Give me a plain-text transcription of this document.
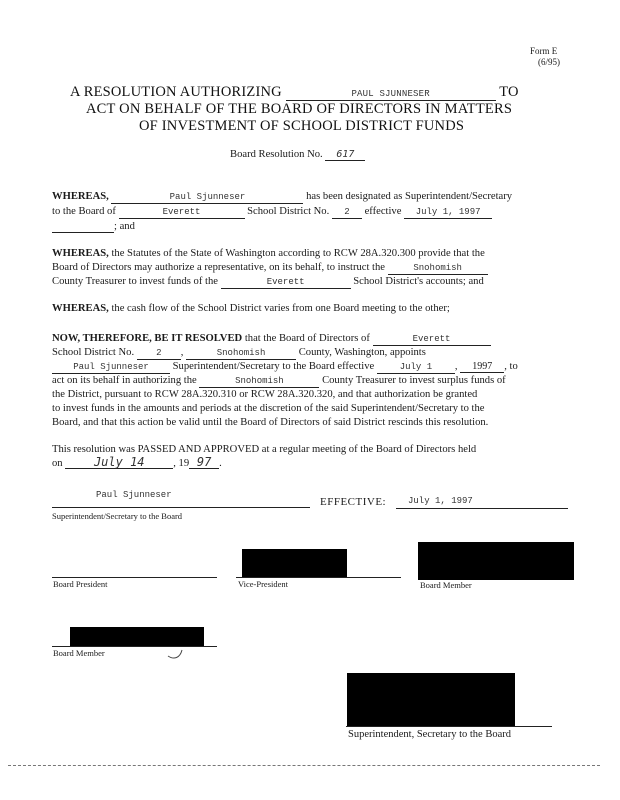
Form E
(6/95)
A RESOLUTION AUTHORIZING	PAUL SJUNNESER	TO
ACT ON BEHALF OF THE BOARD OF DIRECTORS IN MATTERS
OF INVESTMENT OF SCHOOL DISTRICT FUNDS
Board Resolution No. 617
WHEREAS,	Paul Sjunneser	has been designated as Superintendent/Secretary
to the Board of	Everett	School District No. 2 effective July 1, 1997
; and
WHEREAS, the Statutes of the State of Washington according to RCW 28A.320.300 provide that the
Board of Directors may authorize a representative, on its behalf, to instruct the	Snohomish
County Treasurer to invest funds of the	Everett	School District's accounts; and
WHEREAS, the cash flow of the School District varies from one Board meeting to the other;
NOW, THEREFORE, BE IT RESOLVED that the Board of Directors of	Everett
School District No. 2 ,	Snohomish	County, Washington, appoints
Paul Sjunneser Superintendent/Secretary to the Board effective	July 1 , 1997 , to
act on its behalf in authorizing the	Snohomish	County Treasurer to invest surplus funds of
the District, pursuant to RCW 28A.320.310 or RCW 28A.320.320, and that authorization be granted
to invest funds in the amounts and periods at the discretion of the said Superintendent/Secretary to the
Board, and that this action be valid until the Board of Directors of said District rescinds this resolution.
This resolution was PASSED AND APPROVED at a regular meeting of the Board of Directors held
on	July 14	, 19 97 .
Paul Sjunneser
Superintendent/Secretary to the Board
EFFECTIVE: July 1, 1997
Board President	Vice-President	Board Member
Board Member
Superintendent, Secretary to the Board
